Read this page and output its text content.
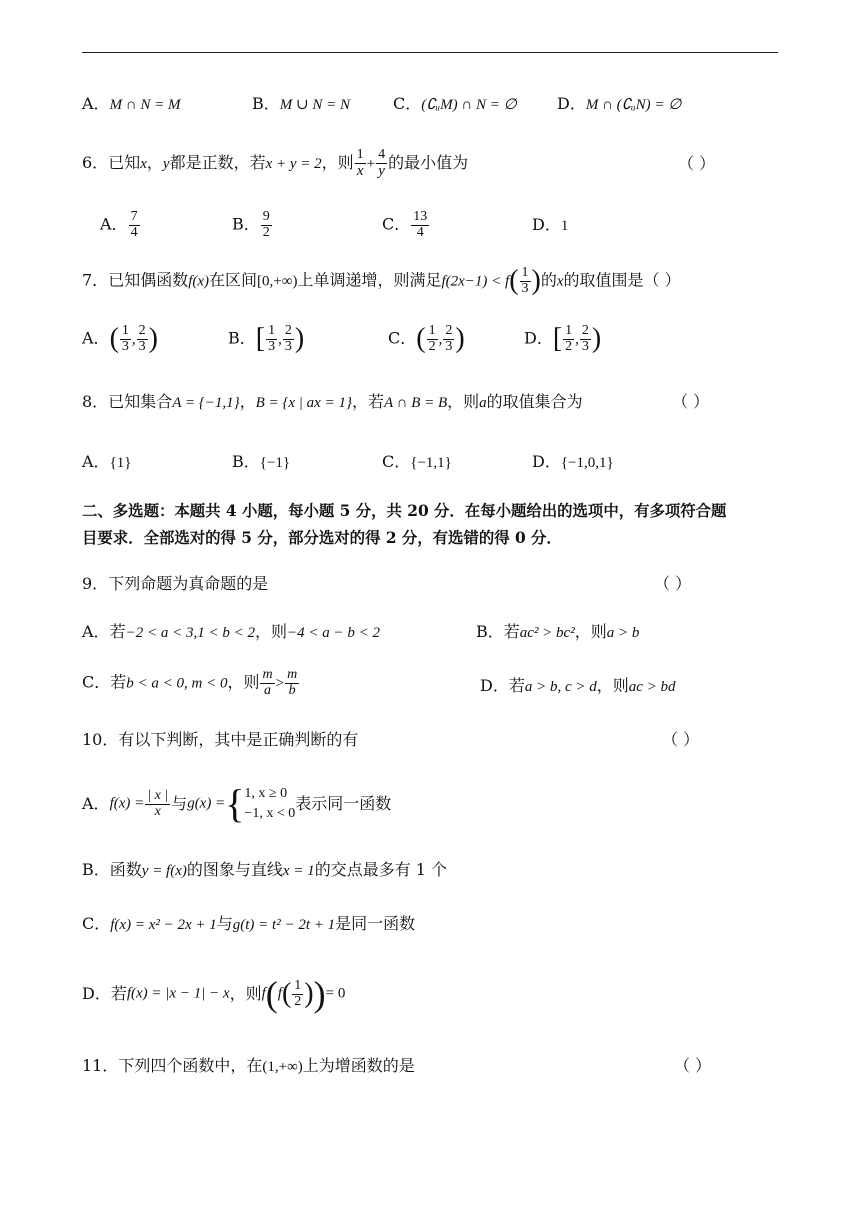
A．M ∩ N = M	B．M ∪ N = N	C．(∁ᵤM) ∩ N = ∅	D．M ∩ (∁ᵤN) = ∅
6．已知x，y都是正数，若x + y = 2，则 $\frac{1}{x} + \frac{4}{y}$ 的最小值为	（ ）
A． $\frac{7}{4}$	B． $\frac{9}{2}$	C． $\frac{13}{4}$	D．1
7．已知偶函数f(x)在区间[0,+∞)上单调递增，则满足$f(2x-1) < f( \frac{1}{3}$ )的x的取值围是（ ）
A．( $\frac{1}{3}$ , $\frac{2}{3}$ )	B．[ $\frac{1}{3}$ , $\frac{2}{3}$ )	C．( $\frac{1}{2}$ , $\frac{2}{3}$ )	D．[ $\frac{1}{2}$ , $\frac{2}{3}$ )
8．已知集合A = {−1,1}，B = {x | ax = 1}，若A ∩ B = B，则a的取值集合为	（ ）
A．{1}	B．{−1}	C．{−1,1}	D．{−1,0,1}
二、多选题：本题共 4 小题，每小题 5 分，共 20 分．在每小题给出的选项中，有多项符合题
目要求．全部选对的得 5 分，部分选对的得 2 分，有选错的得 0 分．
9．下列命题为真命题的是	（ ）
A．若−2 < a < 3,1 < b < 2，则−4 < a − b < 2	B．若ac² > bc²，则a > b
C．若b < a < 0, m < 0，则 $\frac{m}{a} > \frac{m}{b}$	D．若a > b, c > d，则ac > bd
10．有以下判断，其中是正确判断的有	（ ）
A．$f(x) = \frac{| x |}{x}$ 与g(x) ={ 1, x ≥ 0
−1, x < 0
表示同一函数
B．函数y = f(x)的图象与直线x = 1的交点最多有 1 个
C．f(x) = x² − 2x + 1与g(t) = t² − 2t + 1是同一函数
D．若f(x) = |x − 1| − x，则$f(f( \frac{1}{2}$ ))= 0
11．下列四个函数中，在(1,+∞)上为增函数的是	（ ）
